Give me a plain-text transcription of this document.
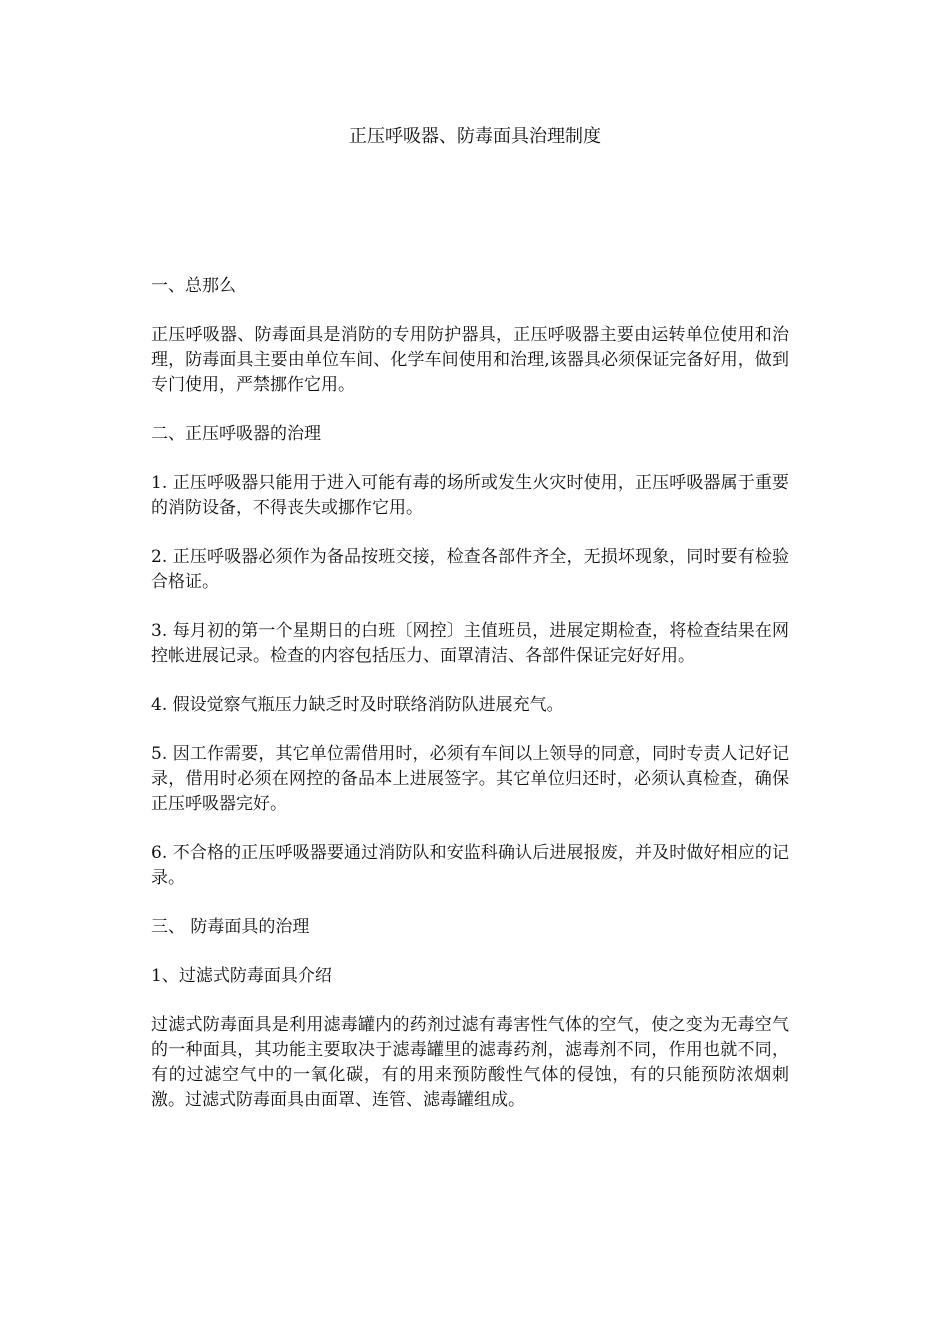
正压呼吸器、防毒面具治理制度

一、总那么

正压呼吸器、防毒面具是消防的专用防护器具，正压呼吸器主要由运转单位使用和治理，防毒面具主要由单位车间、化学车间使用和治理,该器具必须保证完备好用，做到专门使用，严禁挪作它用。

二、正压呼吸器的治理

1. 正压呼吸器只能用于进入可能有毒的场所或发生火灾时使用，正压呼吸器属于重要的消防设备，不得丧失或挪作它用。

2. 正压呼吸器必须作为备品按班交接，检查各部件齐全，无损坏现象，同时要有检验合格证。

3. 每月初的第一个星期日的白班〔网控〕主值班员，进展定期检查，将检查结果在网控帐进展记录。检查的内容包括压力、面罩清洁、各部件保证完好好用。

4. 假设觉察气瓶压力缺乏时及时联络消防队进展充气。

5. 因工作需要，其它单位需借用时，必须有车间以上领导的同意，同时专责人记好记录，借用时必须在网控的备品本上进展签字。其它单位归还时，必须认真检查，确保正压呼吸器完好。

6. 不合格的正压呼吸器要通过消防队和安监科确认后进展报废，并及时做好相应的记录。

三、 防毒面具的治理

1、过滤式防毒面具介绍

过滤式防毒面具是利用滤毒罐内的药剂过滤有毒害性气体的空气，使之变为无毒空气的一种面具，其功能主要取决于滤毒罐里的滤毒药剂，滤毒剂不同，作用也就不同，有的过滤空气中的一氧化碳，有的用来预防酸性气体的侵蚀，有的只能预防浓烟刺激。过滤式防毒面具由面罩、连管、滤毒罐组成。
